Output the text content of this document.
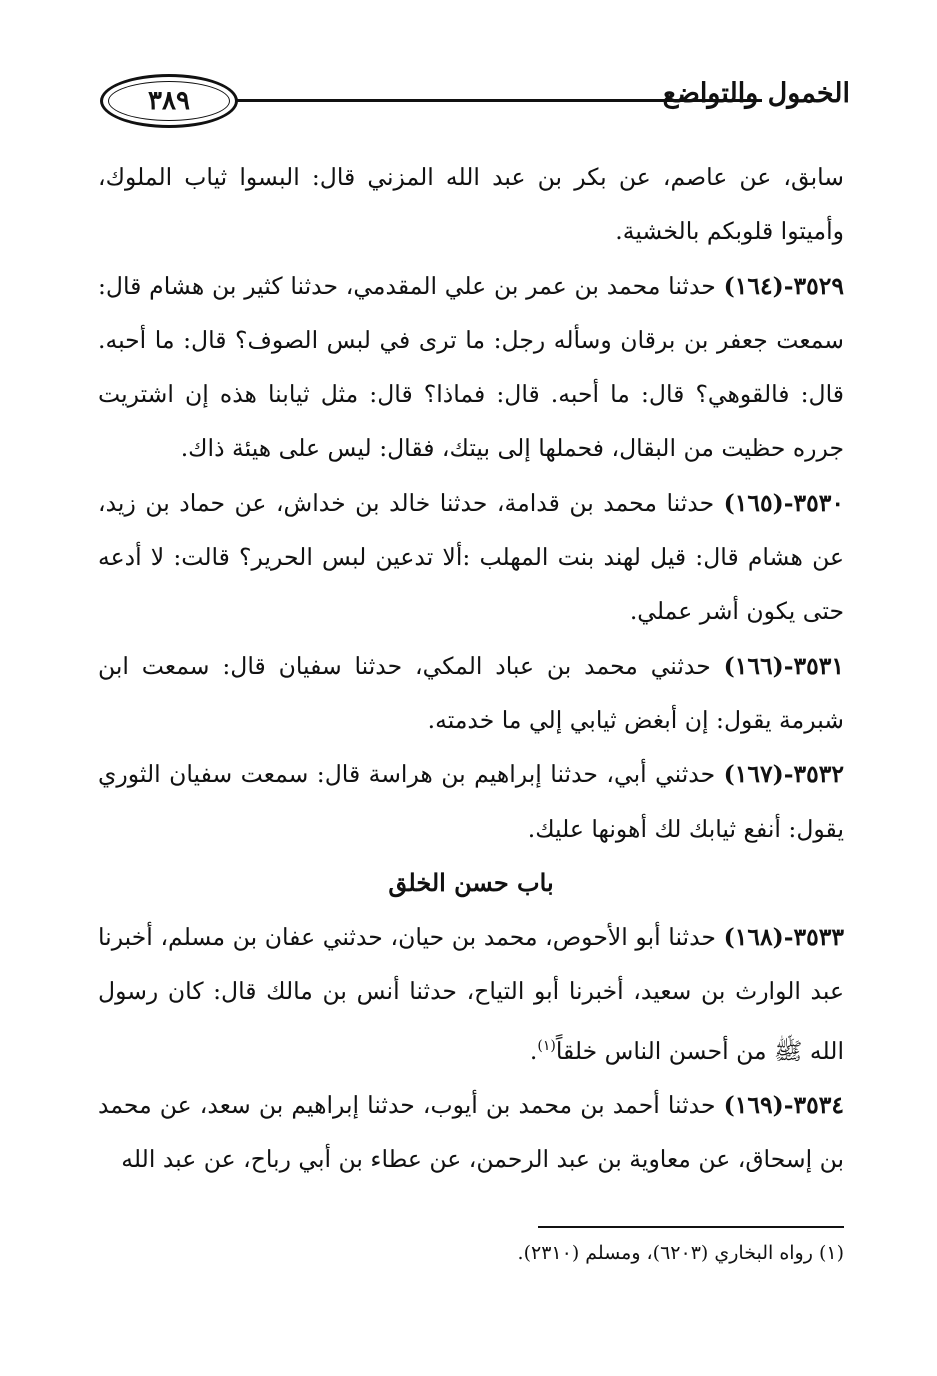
٣٨٩	الخمول والتواضع

سابق، عن عاصم، عن بكر بن عبد الله المزني قال: البسوا ثياب الملوك، وأميتوا قلوبكم بالخشية.

٣٥٢٩-(١٦٤) حدثنا محمد بن عمر بن علي المقدمي، حدثنا كثير بن هشام قال: سمعت جعفر بن برقان وسأله رجل: ما ترى في لبس الصوف؟ قال: ما أحبه. قال: فالقوهي؟ قال: ما أحبه. قال: فماذا؟ قال: مثل ثيابنا هذه إن اشتريت جرره حظيت من البقال، فحملها إلى بيتك، فقال: ليس على هيئة ذاك.

٣٥٣٠-(١٦٥) حدثنا محمد بن قدامة، حدثنا خالد بن خداش، عن حماد بن زيد، عن هشام قال: قيل لهند بنت المهلب :ألا تدعين لبس الحرير؟ قالت: لا أدعه حتى يكون أشر عملي.

٣٥٣١-(١٦٦) حدثني محمد بن عباد المكي، حدثنا سفيان قال: سمعت ابن شبرمة يقول: إن أبغض ثيابي إلي ما خدمته.

٣٥٣٢-(١٦٧) حدثني أبي، حدثنا إبراهيم بن هراسة قال: سمعت سفيان الثوري يقول: أنفع ثيابك لك أهونها عليك.

باب حسن الخلق

٣٥٣٣-(١٦٨) حدثنا أبو الأحوص، محمد بن حيان، حدثني عفان بن مسلم، أخبرنا عبد الوارث بن سعيد، أخبرنا أبو التياح، حدثنا أنس بن مالك قال: كان رسول الله ﷺ من أحسن الناس خلقاً$^{(١)}$.

٣٥٣٤-(١٦٩) حدثنا أحمد بن محمد بن أيوب، حدثنا إبراهيم بن سعد، عن محمد بن إسحاق، عن معاوية بن عبد الرحمن، عن عطاء بن أبي رباح، عن عبد الله

(١) رواه البخاري (٦٢٠٣)، ومسلم (٢٣١٠).
